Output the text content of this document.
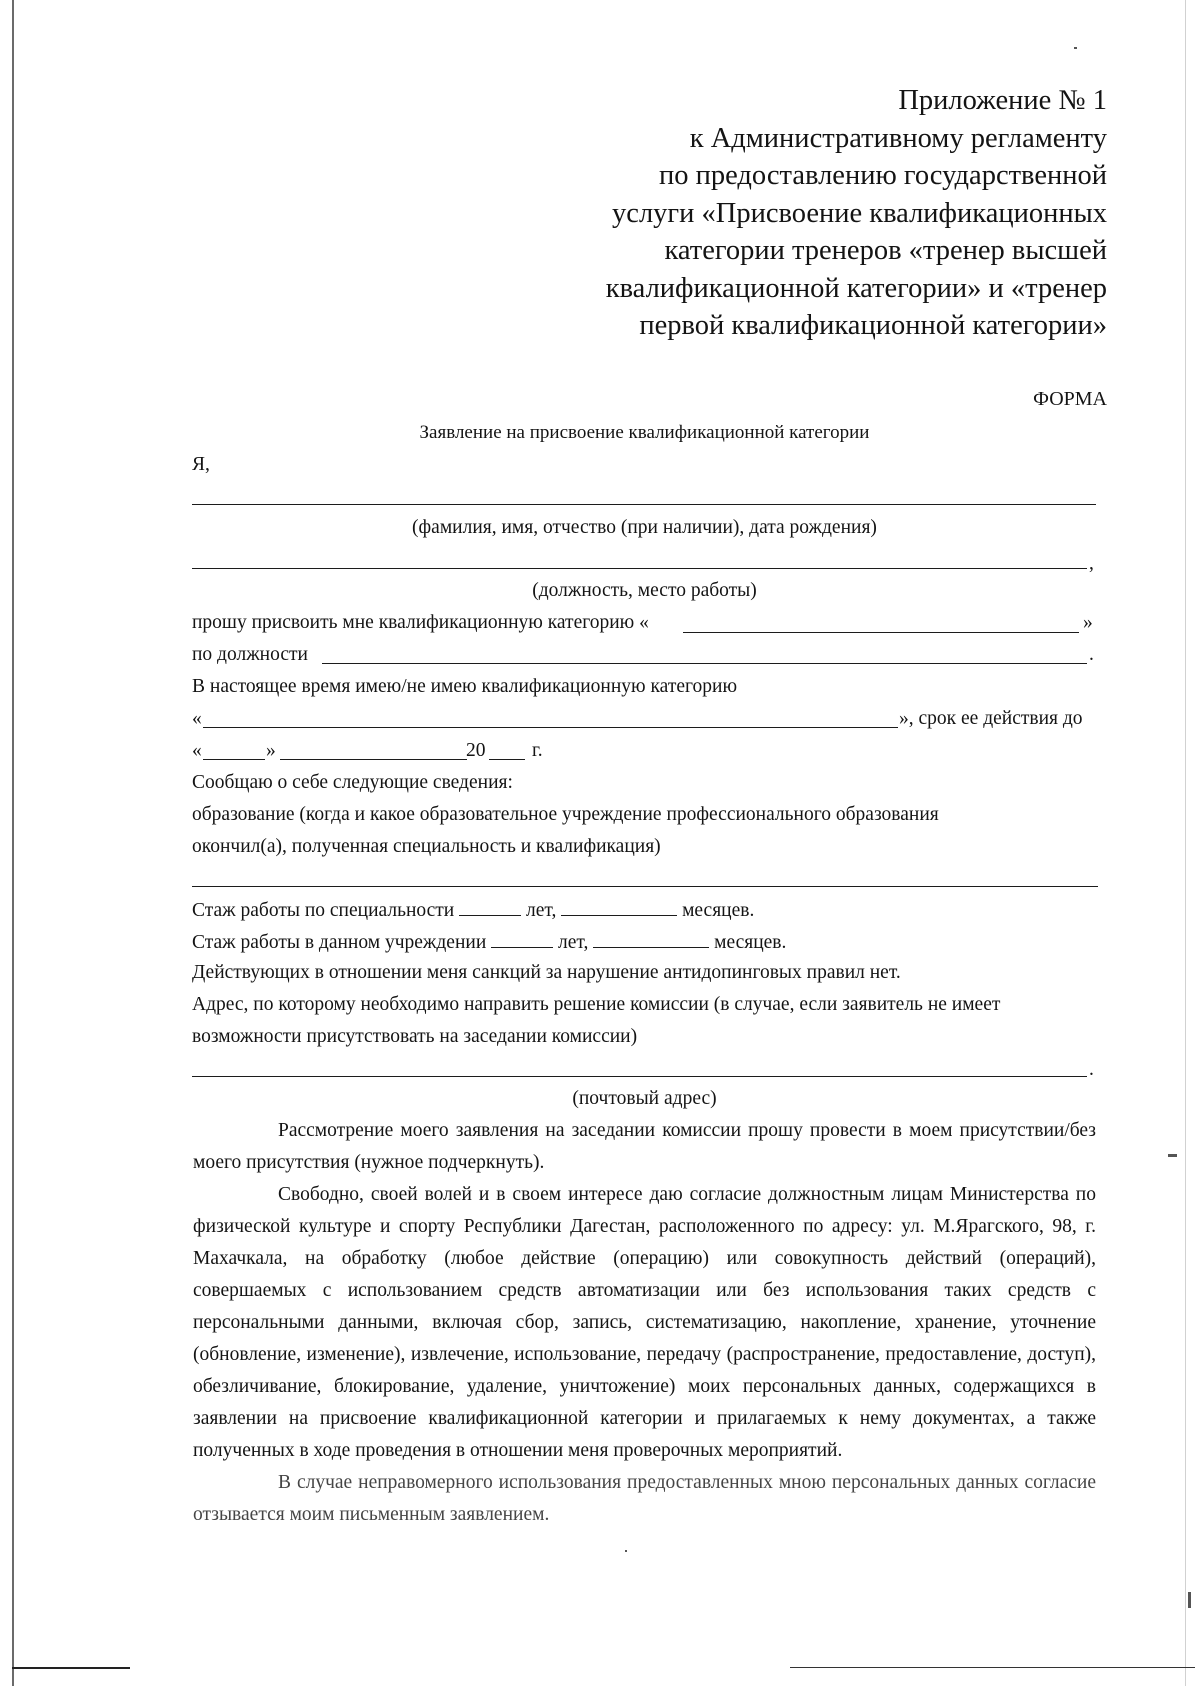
Приложение № 1
к Административному регламенту
по предоставлению государственной
услуги «Присвоение квалификационных
категории тренеров «тренер высшей
квалификационной категории» и «тренер
первой квалификационной категории»
ФОРМА
Заявление на присвоение квалификационной категории
Я,
(фамилия, имя, отчество (при наличии), дата рождения)
,
(должность, место работы)
прошу присвоить мне квалификационную категорию «	»
по должности	.
В настоящее время имею/не имею квалификационную категорию
«	», срок ее действия до
«	»	20 г.
Сообщаю о себе следующие сведения:
образование (когда и какое образовательное учреждение профессионального образования
окончил(а), полученная специальность и квалификация)
Стаж работы по специальности	лет,	месяцев.
Стаж работы в данном учреждении	лет,	месяцев.
Действующих в отношении меня санкций за нарушение антидопинговых правил нет.
Адрес, по которому необходимо направить решение комиссии (в случае, если заявитель не имеет
возможности присутствовать на заседании комиссии)
.
(почтовый адрес)
Рассмотрение моего заявления на заседании комиссии прошу провести в моем присутствии/без моего присутствия (нужное подчеркнуть).
Свободно, своей волей и в своем интересе даю согласие должностным лицам Министерства по физической культуре и спорту Республики Дагестан, расположенного по адресу: ул. М.Ярагского, 98, г. Махачкала, на обработку (любое действие (операцию) или совокупность действий (операций), совершаемых с использованием средств автоматизации или без использования таких средств с персональными данными, включая сбор, запись, систематизацию, накопление, хранение, уточнение (обновление, изменение), извлечение, использование, передачу (распространение, предоставление, доступ), обезличивание, блокирование, удаление, уничтожение) моих персональных данных, содержащихся в заявлении на присвоение квалификационной категории и прилагаемых к нему документах, а также полученных в ходе проведения в отношении меня проверочных мероприятий.
В случае неправомерного использования предоставленных мною персональных данных согласие отзывается моим письменным заявлением.
